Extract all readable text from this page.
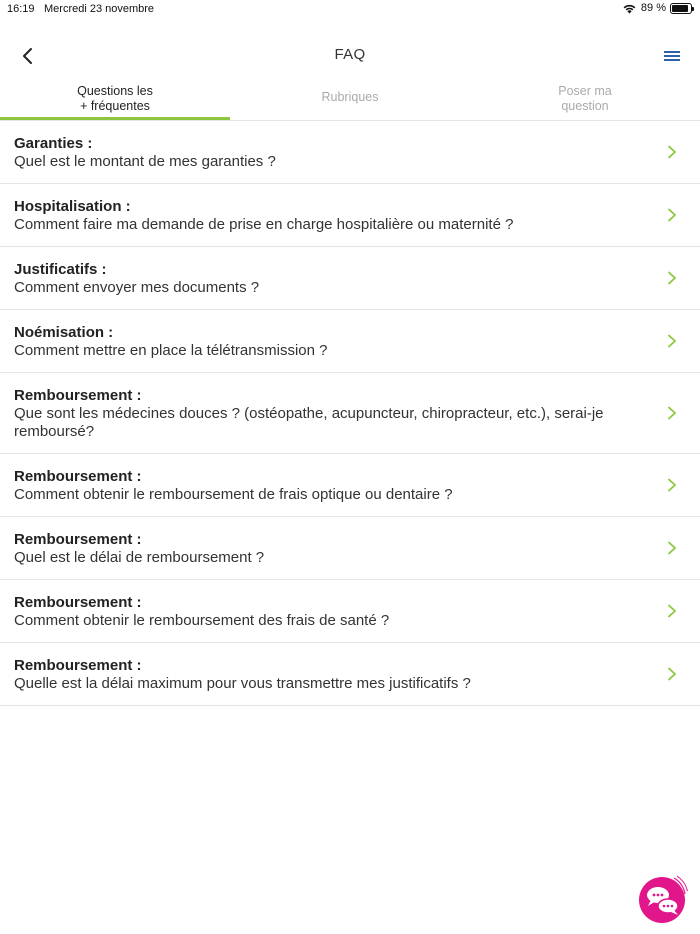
16:19 Mercredi 23 novembre	89 %
FAQ
Questions les
+ fréquentes
Rubriques	Poser ma
question
Garanties :
Quel est le montant de mes garanties ?
Hospitalisation :
Comment faire ma demande de prise en charge hospitalière ou maternité ?
Justificatifs :
Comment envoyer mes documents ?
Noémisation :
Comment mettre en place la télétransmission ?
Remboursement :
Que sont les médecines douces ? (ostéopathe, acupuncteur, chiropracteur, etc.), serai-je remboursé?
Remboursement :
Comment obtenir le remboursement de frais optique ou dentaire ?
Remboursement :
Quel est le délai de remboursement ?
Remboursement :
Comment obtenir le remboursement des frais de santé ?
Remboursement :
Quelle est la délai maximum pour vous transmettre mes justificatifs ?
